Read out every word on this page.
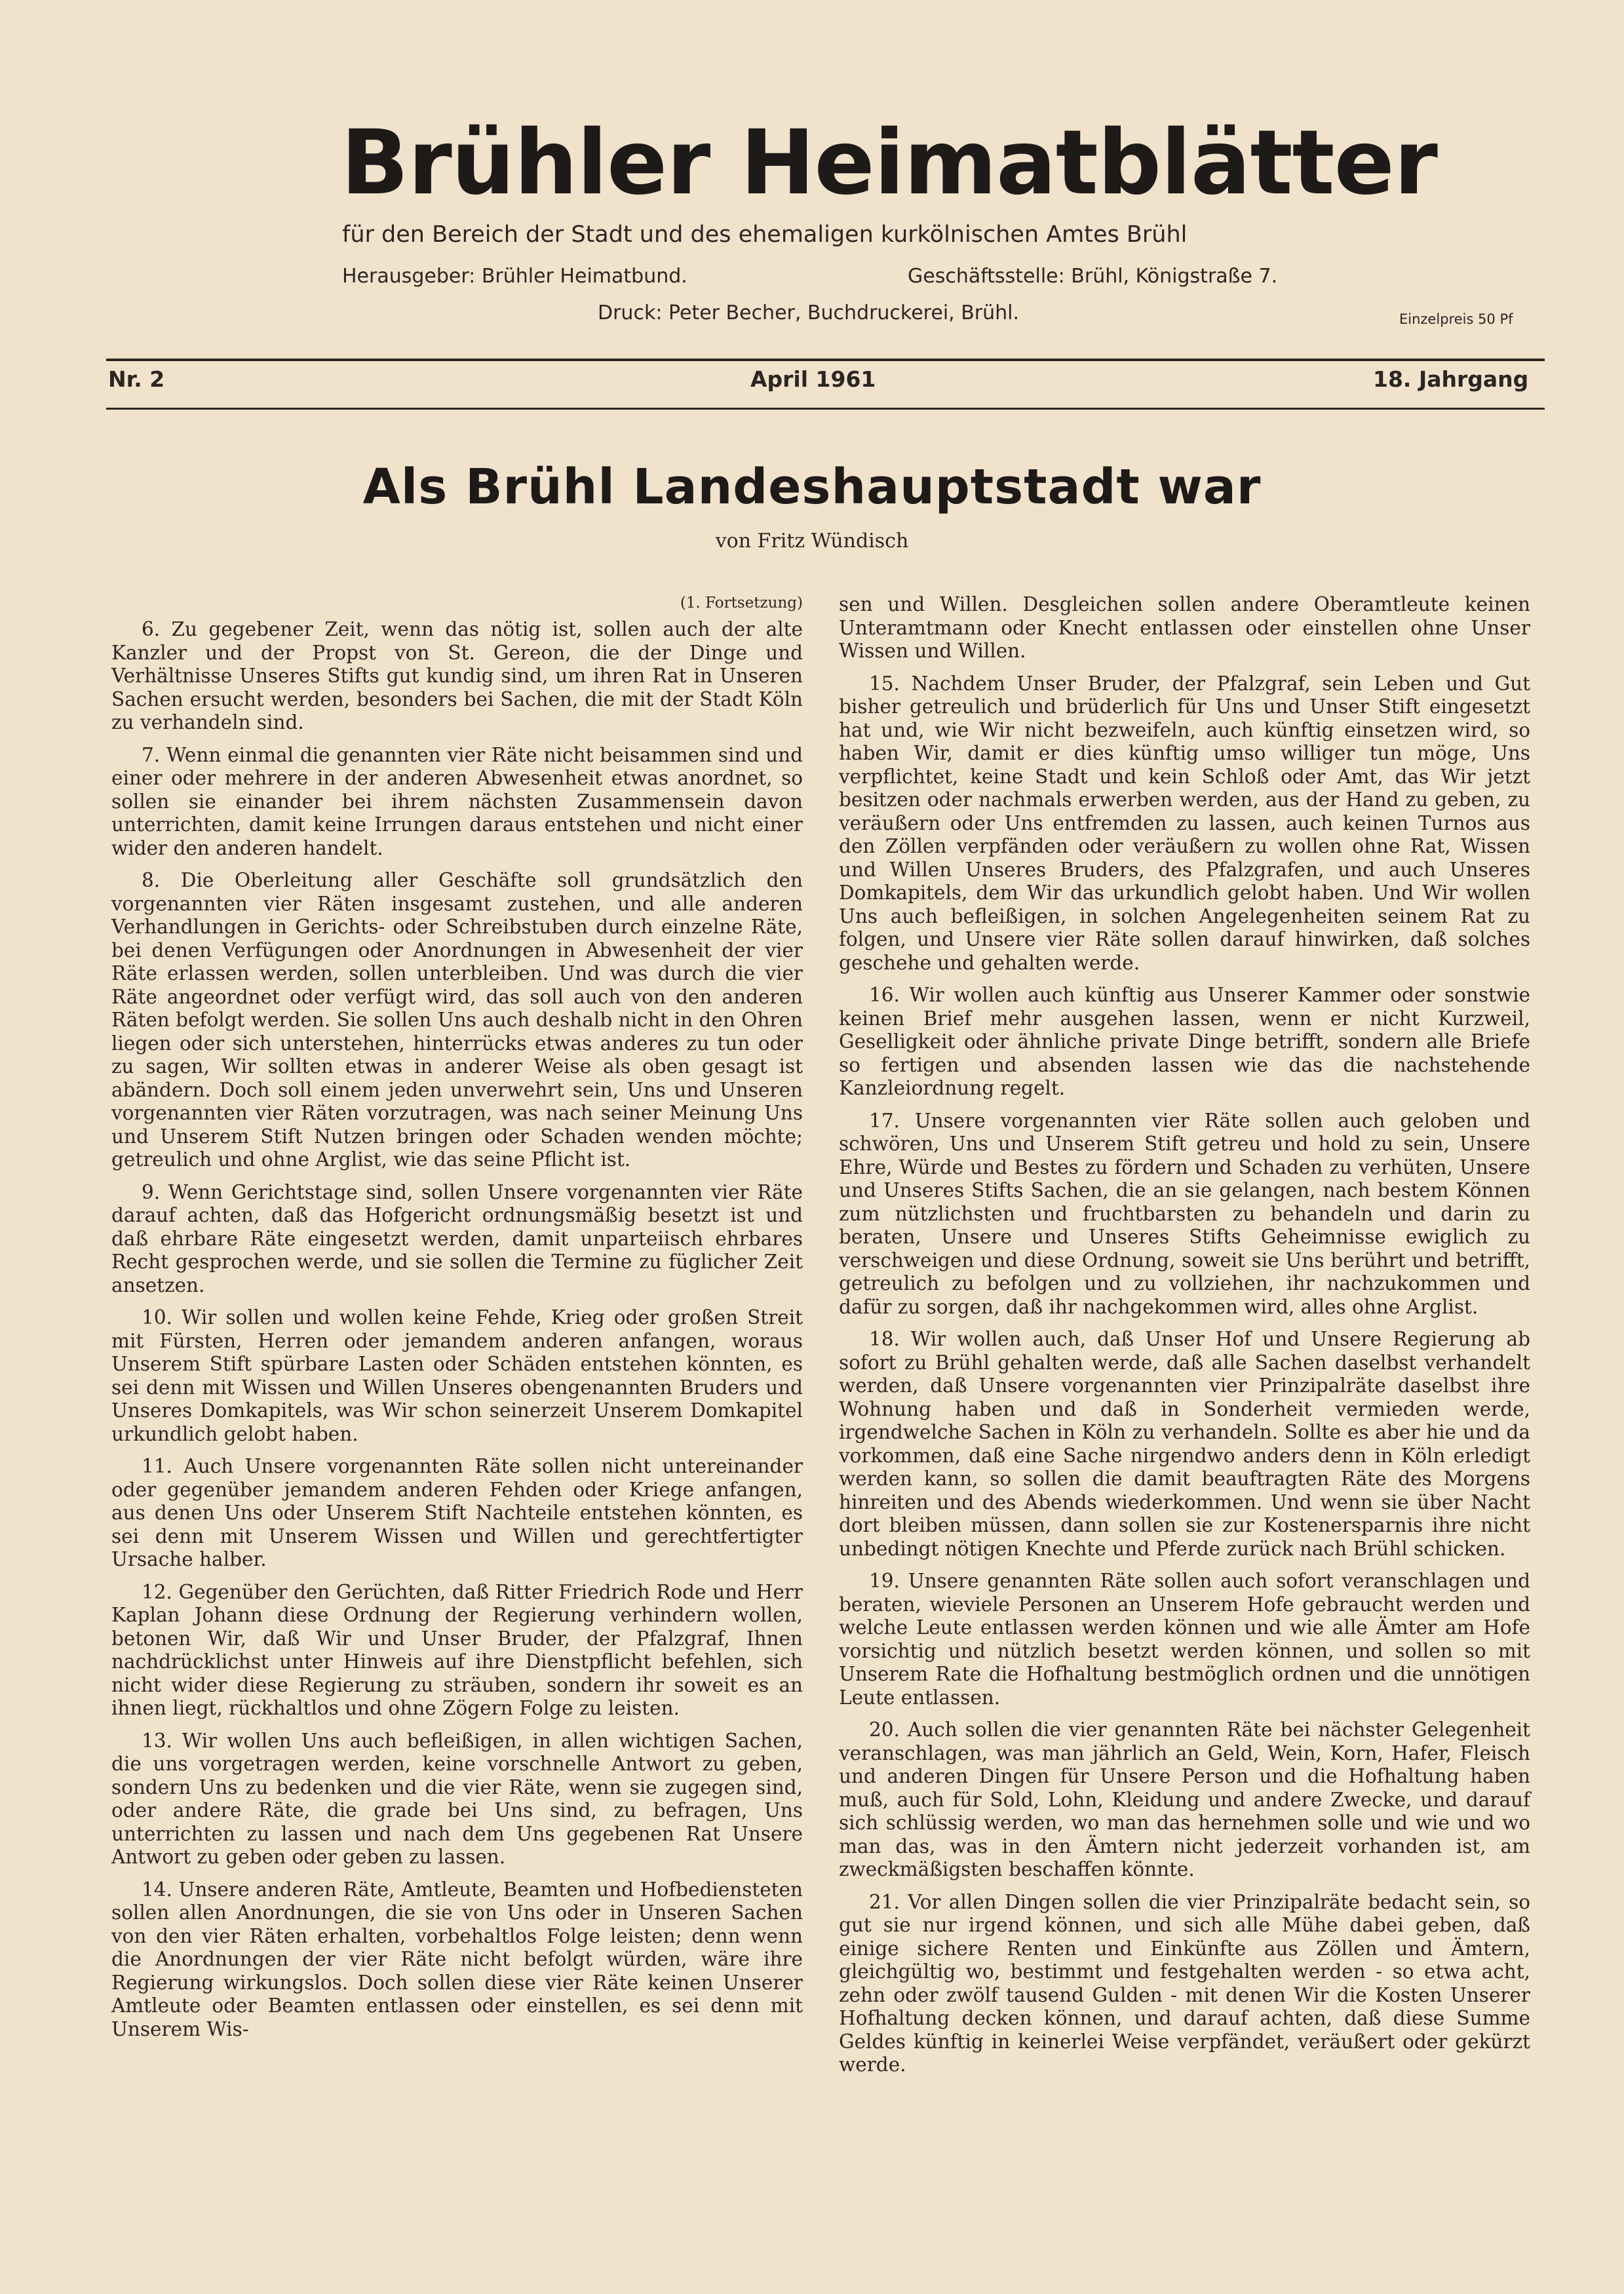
Brühler Heimatblätter
für den Bereich der Stadt und des ehemaligen kurkölnischen Amtes Brühl
Herausgeber: Brühler Heimatbund.	Geschäftsstelle: Brühl, Königstraße 7.
Druck: Peter Becher, Buchdruckerei, Brühl.	Einzelpreis 50 Pf
Nr. 2	April 1961	18. Jahrgang
Als Brühl Landeshauptstadt war
von Fritz Wündisch
(1. Fortsetzung)

6. Zu gegebener Zeit, wenn das nötig ist, sollen auch der alte Kanzler und der Propst von St. Gereon, die der Dinge und Verhältnisse Unseres Stifts gut kundig sind, um ihren Rat in Unseren Sachen ersucht werden, besonders bei Sachen, die mit der Stadt Köln zu verhandeln sind.

7. Wenn einmal die genannten vier Räte nicht beisammen sind und einer oder mehrere in der anderen Abwesenheit etwas anordnet, so sollen sie einander bei ihrem nächsten Zusammensein davon unterrichten, damit keine Irrungen daraus entstehen und nicht einer wider den anderen handelt.

8. Die Oberleitung aller Geschäfte soll grundsätzlich den vorgenannten vier Räten insgesamt zustehen, und alle anderen Verhandlungen in Gerichts- oder Schreibstuben durch einzelne Räte, bei denen Verfügungen oder Anordnungen in Abwesenheit der vier Räte erlassen werden, sollen unterbleiben. Und was durch die vier Räte angeordnet oder verfügt wird, das soll auch von den anderen Räten befolgt werden. Sie sollen Uns auch deshalb nicht in den Ohren liegen oder sich unterstehen, hinterrücks etwas anderes zu tun oder zu sagen, Wir sollten etwas in anderer Weise als oben gesagt ist abändern. Doch soll einem jeden unverwehrt sein, Uns und Unseren vorgenannten vier Räten vorzutragen, was nach seiner Meinung Uns und Unserem Stift Nutzen bringen oder Schaden wenden möchte; getreulich und ohne Arglist, wie das seine Pflicht ist.

9. Wenn Gerichtstage sind, sollen Unsere vorgenannten vier Räte darauf achten, daß das Hofgericht ordnungsmäßig besetzt ist und daß ehrbare Räte eingesetzt werden, damit unparteiisch ehrbares Recht gesprochen werde, und sie sollen die Termine zu füglicher Zeit ansetzen.

10. Wir sollen und wollen keine Fehde, Krieg oder großen Streit mit Fürsten, Herren oder jemandem anderen anfangen, woraus Unserem Stift spürbare Lasten oder Schäden entstehen könnten, es sei denn mit Wissen und Willen Unseres obengenannten Bruders und Unseres Domkapitels, was Wir schon seinerzeit Unserem Domkapitel urkundlich gelobt haben.

11. Auch Unsere vorgenannten Räte sollen nicht untereinander oder gegenüber jemandem anderen Fehden oder Kriege anfangen, aus denen Uns oder Unserem Stift Nachteile entstehen könnten, es sei denn mit Unserem Wissen und Willen und gerechtfertigter Ursache halber.

12. Gegenüber den Gerüchten, daß Ritter Friedrich Rode und Herr Kaplan Johann diese Ordnung der Regierung verhindern wollen, betonen Wir, daß Wir und Unser Bruder, der Pfalzgraf, Ihnen nachdrücklichst unter Hinweis auf ihre Dienstpflicht befehlen, sich nicht wider diese Regierung zu sträuben, sondern ihr soweit es an ihnen liegt, rückhaltlos und ohne Zögern Folge zu leisten.

13. Wir wollen Uns auch befleißigen, in allen wichtigen Sachen, die uns vorgetragen werden, keine vorschnelle Antwort zu geben, sondern Uns zu bedenken und die vier Räte, wenn sie zugegen sind, oder andere Räte, die grade bei Uns sind, zu befragen, Uns unterrichten zu lassen und nach dem Uns gegebenen Rat Unsere Antwort zu geben oder geben zu lassen.

14. Unsere anderen Räte, Amtleute, Beamten und Hofbediensteten sollen allen Anordnungen, die sie von Uns oder in Unseren Sachen von den vier Räten erhalten, vorbehaltlos Folge leisten; denn wenn die Anordnungen der vier Räte nicht befolgt würden, wäre ihre Regierung wirkungslos. Doch sollen diese vier Räte keinen Unserer Amtleute oder Beamten entlassen oder einstellen, es sei denn mit Unserem Wis-

sen und Willen. Desgleichen sollen andere Oberamtleute keinen Unteramtmann oder Knecht entlassen oder einstellen ohne Unser Wissen und Willen.

15. Nachdem Unser Bruder, der Pfalzgraf, sein Leben und Gut bisher getreulich und brüderlich für Uns und Unser Stift eingesetzt hat und, wie Wir nicht bezweifeln, auch künftig einsetzen wird, so haben Wir, damit er dies künftig umso williger tun möge, Uns verpflichtet, keine Stadt und kein Schloß oder Amt, das Wir jetzt besitzen oder nachmals erwerben werden, aus der Hand zu geben, zu veräußern oder Uns entfremden zu lassen, auch keinen Turnos aus den Zöllen verpfänden oder veräußern zu wollen ohne Rat, Wissen und Willen Unseres Bruders, des Pfalzgrafen, und auch Unseres Domkapitels, dem Wir das urkundlich gelobt haben. Und Wir wollen Uns auch befleißigen, in solchen Angelegenheiten seinem Rat zu folgen, und Unsere vier Räte sollen darauf hinwirken, daß solches geschehe und gehalten werde.

16. Wir wollen auch künftig aus Unserer Kammer oder sonstwie keinen Brief mehr ausgehen lassen, wenn er nicht Kurzweil, Geselligkeit oder ähnliche private Dinge betrifft, sondern alle Briefe so fertigen und absenden lassen wie das die nachstehende Kanzleiordnung regelt.

17. Unsere vorgenannten vier Räte sollen auch geloben und schwören, Uns und Unserem Stift getreu und hold zu sein, Unsere Ehre, Würde und Bestes zu fördern und Schaden zu verhüten, Unsere und Unseres Stifts Sachen, die an sie gelangen, nach bestem Können zum nützlichsten und fruchtbarsten zu behandeln und darin zu beraten, Unsere und Unseres Stifts Geheimnisse ewiglich zu verschweigen und diese Ordnung, soweit sie Uns berührt und betrifft, getreulich zu befolgen und zu vollziehen, ihr nachzukommen und dafür zu sorgen, daß ihr nachgekommen wird, alles ohne Arglist.

18. Wir wollen auch, daß Unser Hof und Unsere Regierung ab sofort zu Brühl gehalten werde, daß alle Sachen daselbst verhandelt werden, daß Unsere vorgenannten vier Prinzipalräte daselbst ihre Wohnung haben und daß in Sonderheit vermieden werde, irgendwelche Sachen in Köln zu verhandeln. Sollte es aber hie und da vorkommen, daß eine Sache nirgendwo anders denn in Köln erledigt werden kann, so sollen die damit beauftragten Räte des Morgens hinreiten und des Abends wiederkommen. Und wenn sie über Nacht dort bleiben müssen, dann sollen sie zur Kostenersparnis ihre nicht unbedingt nötigen Knechte und Pferde zurück nach Brühl schicken.

19. Unsere genannten Räte sollen auch sofort veranschlagen und beraten, wieviele Personen an Unserem Hofe gebraucht werden und welche Leute entlassen werden können und wie alle Ämter am Hofe vorsichtig und nützlich besetzt werden können, und sollen so mit Unserem Rate die Hofhaltung bestmöglich ordnen und die unnötigen Leute entlassen.

20. Auch sollen die vier genannten Räte bei nächster Gelegenheit veranschlagen, was man jährlich an Geld, Wein, Korn, Hafer, Fleisch und anderen Dingen für Unsere Person und die Hofhaltung haben muß, auch für Sold, Lohn, Kleidung und andere Zwecke, und darauf sich schlüssig werden, wo man das hernehmen solle und wie und wo man das, was in den Ämtern nicht jederzeit vorhanden ist, am zweckmäßigsten beschaffen könnte.

21. Vor allen Dingen sollen die vier Prinzipalräte bedacht sein, so gut sie nur irgend können, und sich alle Mühe dabei geben, daß einige sichere Renten und Einkünfte aus Zöllen und Ämtern, gleichgültig wo, bestimmt und festgehalten werden - so etwa acht, zehn oder zwölf tausend Gulden - mit denen Wir die Kosten Unserer Hofhaltung decken können, und darauf achten, daß diese Summe Geldes künftig in keinerlei Weise verpfändet, veräußert oder gekürzt werde.
